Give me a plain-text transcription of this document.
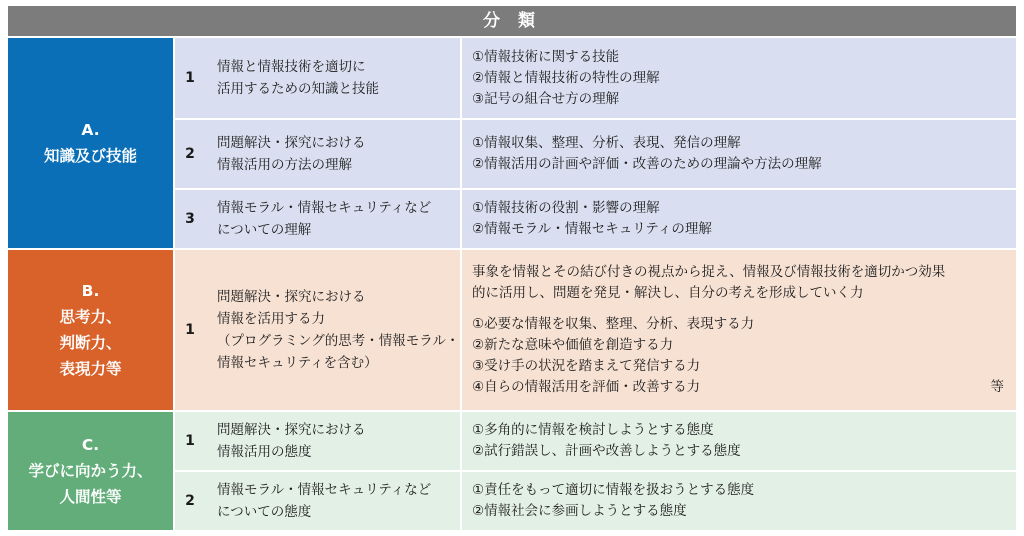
分 類
A.
知識及び技能
B.
思考力、
判断力、
表現力等
C.
学びに向かう力、
人間性等
1
情報と情報技術を適切に
活用するための知識と技能
①情報技術に関する技能
②情報と情報技術の特性の理解
③記号の組合せ方の理解
2
問題解決・探究における
情報活用の方法の理解
①情報収集、整理、分析、表現、発信の理解
②情報活用の計画や評価・改善のための理論や方法の理解
3
情報モラル・情報セキュリティなど
についての理解
①情報技術の役割・影響の理解
②情報モラル・情報セキュリティの理解
1
問題解決・探究における
情報を活用する力
（プログラミング的思考・情報モラル・
情報セキュリティを含む）
事象を情報とその結び付きの視点から捉え、情報及び情報技術を適切かつ効果
的に活用し、問題を発見・解決し、自分の考えを形成していく力
①必要な情報を収集、整理、分析、表現する力
②新たな意味や価値を創造する力
③受け手の状況を踏まえて発信する力
④自らの情報活用を評価・改善する力	等
1
問題解決・探究における
情報活用の態度
①多角的に情報を検討しようとする態度
②試行錯誤し、計画や改善しようとする態度
2
情報モラル・情報セキュリティなど
についての態度
①責任をもって適切に情報を扱おうとする態度
②情報社会に参画しようとする態度
